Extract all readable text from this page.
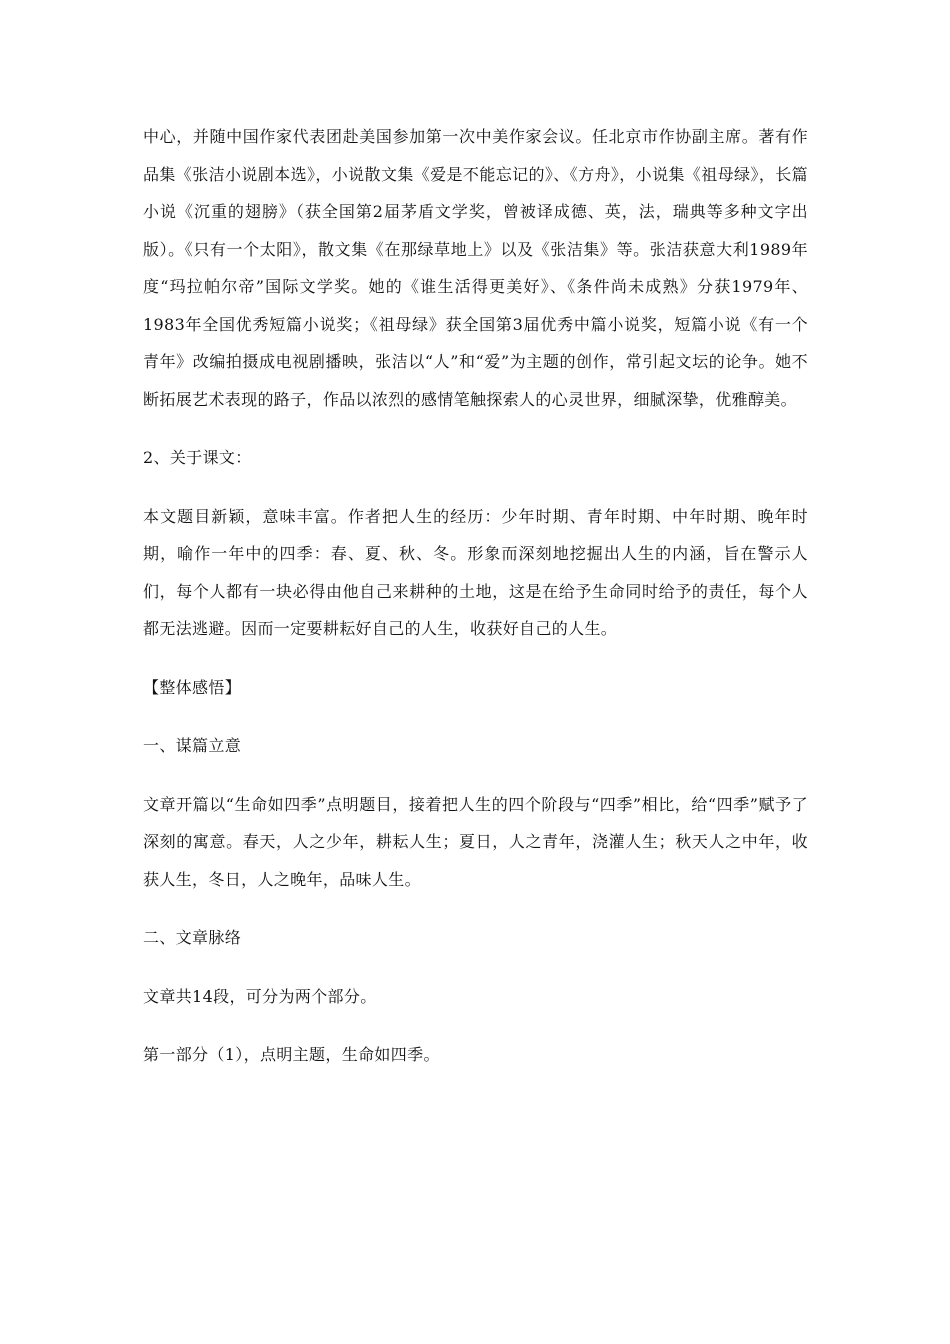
中心，并随中国作家代表团赴美国参加第一次中美作家会议。任北京市作协副主席。著有作品集《张洁小说剧本选》，小说散文集《爱是不能忘记的》、《方舟》，小说集《祖母绿》，长篇小说《沉重的翅膀》（获全国第2届茅盾文学奖，曾被译成德、英，法，瑞典等多种文字出版）。《只有一个太阳》，散文集《在那绿草地上》以及《张洁集》等。张洁获意大利1989年度“玛拉帕尔帝”国际文学奖。她的《谁生活得更美好》、《条件尚未成熟》分获1979年、1983年全国优秀短篇小说奖；《祖母绿》获全国第3届优秀中篇小说奖，短篇小说《有一个青年》改编拍摄成电视剧播映，张洁以“人”和“爱”为主题的创作，常引起文坛的论争。她不断拓展艺术表现的路子，作品以浓烈的感情笔触探索人的心灵世界，细腻深挚，优雅醇美。

2、关于课文：

本文题目新颖，意味丰富。作者把人生的经历：少年时期、青年时期、中年时期、晚年时期，喻作一年中的四季：春、夏、秋、冬。形象而深刻地挖掘出人生的内涵，旨在警示人们，每个人都有一块必得由他自己来耕种的土地，这是在给予生命同时给予的责任，每个人都无法逃避。因而一定要耕耘好自己的人生，收获好自己的人生。

【整体感悟】

一、谋篇立意

文章开篇以“生命如四季”点明题目，接着把人生的四个阶段与“四季”相比，给“四季”赋予了深刻的寓意。春天，人之少年，耕耘人生；夏日，人之青年，浇灌人生；秋天人之中年，收获人生，冬日，人之晚年，品味人生。

二、文章脉络

文章共14段，可分为两个部分。

第一部分（1），点明主题，生命如四季。
